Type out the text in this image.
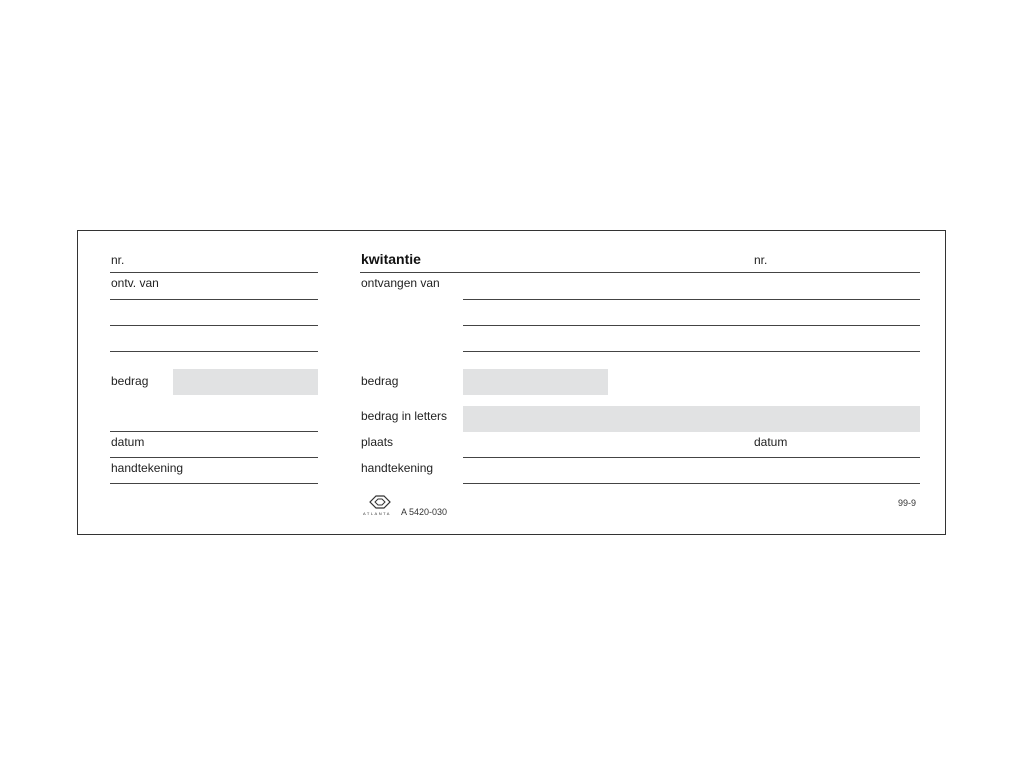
nr.
ontv. van
bedrag
datum
handtekening
kwitantie	nr.
ontvangen van
bedrag
bedrag in letters
plaats	datum
handtekening
ATLANTA A 5420-030
99-9
